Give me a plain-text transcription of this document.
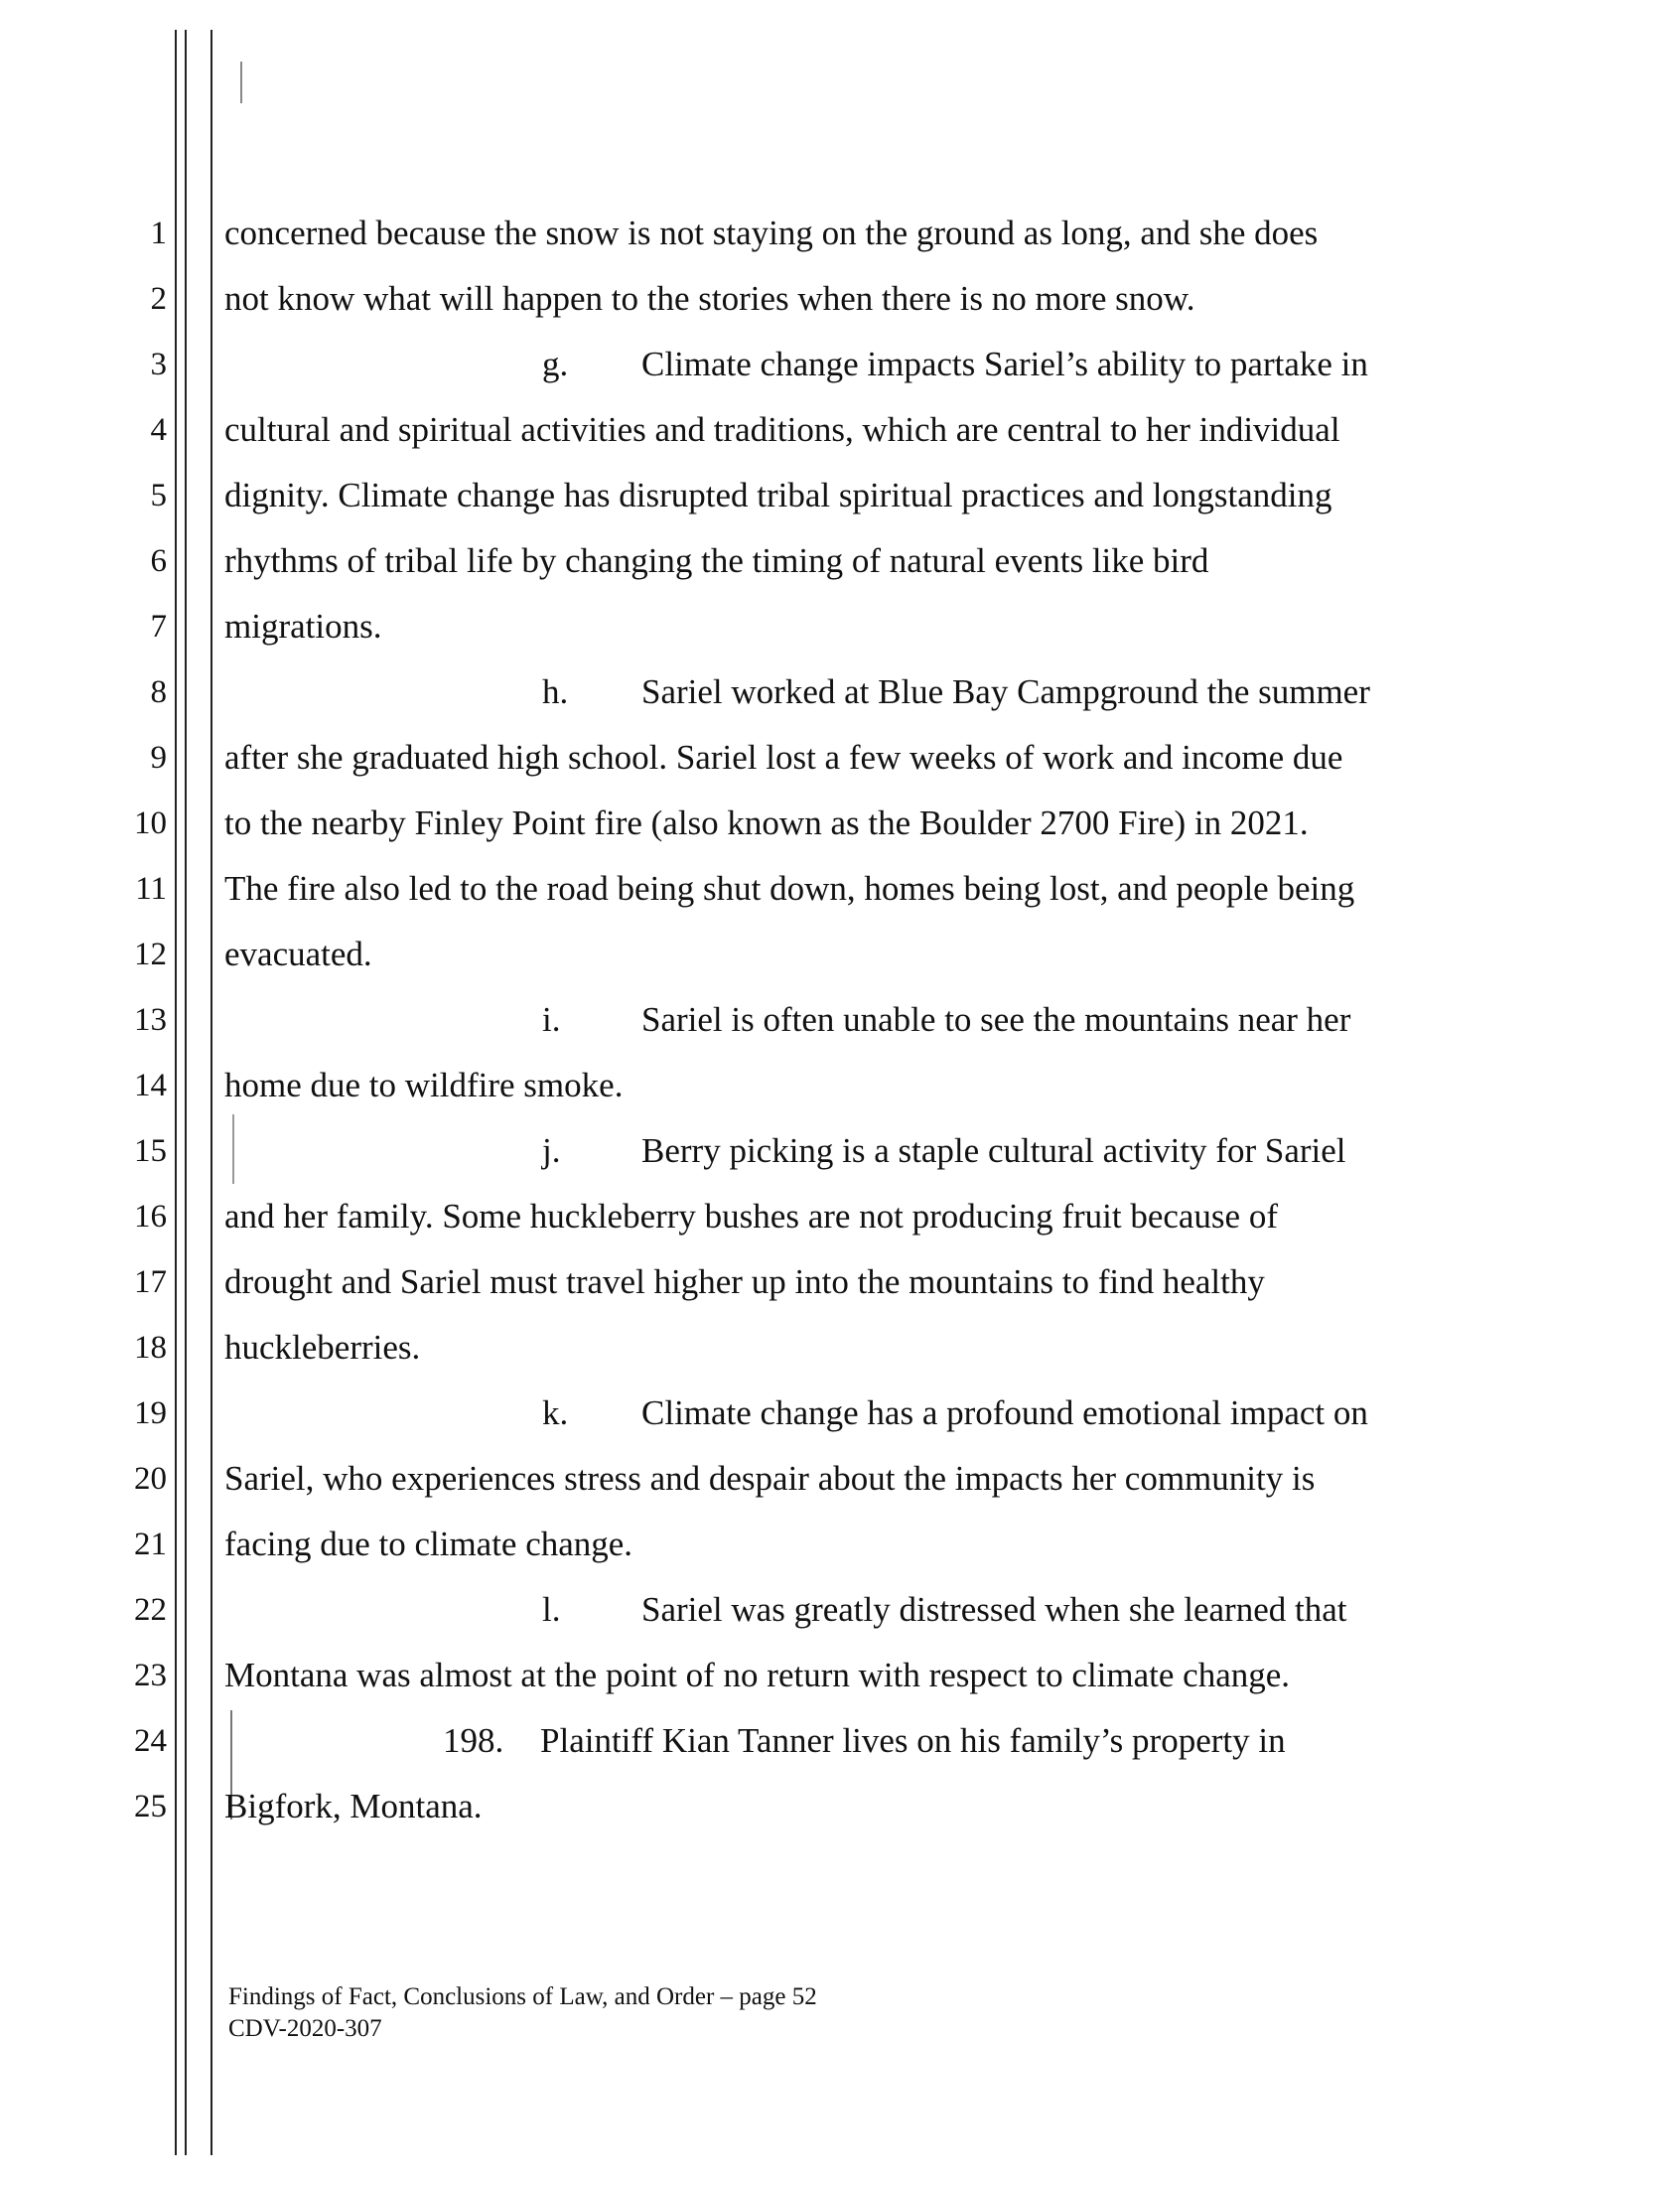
1
2
3
4
5
6
7
8
9
10
11
12
13
14
15
16
17
18
19
20
21
22
23
24
25
concerned because the snow is not staying on the ground as long, and she does
not know what will happen to the stories when there is no more snow.
g. Climate change impacts Sariel’s ability to partake in
cultural and spiritual activities and traditions, which are central to her individual
dignity. Climate change has disrupted tribal spiritual practices and longstanding
rhythms of tribal life by changing the timing of natural events like bird
migrations.
h. Sariel worked at Blue Bay Campground the summer
after she graduated high school. Sariel lost a few weeks of work and income due
to the nearby Finley Point fire (also known as the Boulder 2700 Fire) in 2021.
The fire also led to the road being shut down, homes being lost, and people being
evacuated.
i. Sariel is often unable to see the mountains near her
home due to wildfire smoke.
j. Berry picking is a staple cultural activity for Sariel
and her family. Some huckleberry bushes are not producing fruit because of
drought and Sariel must travel higher up into the mountains to find healthy
huckleberries.
k. Climate change has a profound emotional impact on
Sariel, who experiences stress and despair about the impacts her community is
facing due to climate change.
l. Sariel was greatly distressed when she learned that
Montana was almost at the point of no return with respect to climate change.
198. Plaintiff Kian Tanner lives on his family’s property in
Bigfork, Montana.
Findings of Fact, Conclusions of Law, and Order – page 52
CDV-2020-307
